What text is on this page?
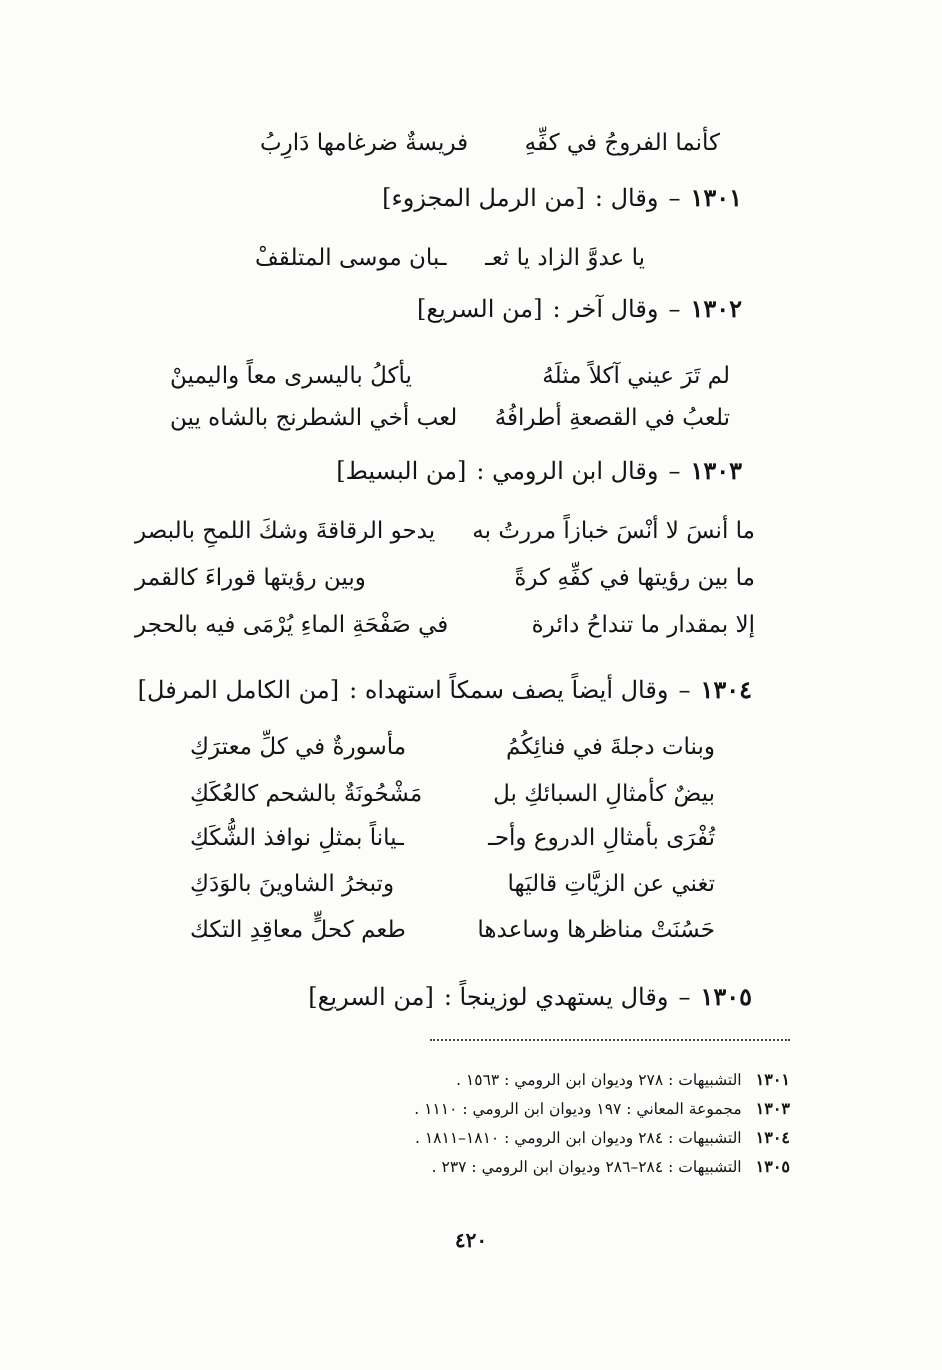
كأنما الفروجُ في كفِّهِ
فريسةٌ ضرغامها دَارِبُ
١٣٠١–وقال :[من الرمل المجزوء]
يا عدوَّ الزاد يا ثعـ
ـبان موسى المتلقفْ
١٣٠٢–وقال آخر :[من السريع]
لم تَرَ عيني آكلاً مثلَهُ
يأكلُ باليسرى معاً واليمينْ
تلعبُ في القصعةِ أطرافُهُ
لعب أخي الشطرنج بالشاه يين
١٣٠٣–وقال ابن الرومي :[من البسيط]
ما أنسَ لا أنْسَ خبازاً مررتُ به
يدحو الرقاقةَ وشكَ اللمحِ بالبصر
ما بين رؤيتها في كفِّهِ كرةً
وبين رؤيتها قوراءَ كالقمر
إلا بمقدار ما تنداحُ دائرة
في صَفْحَةِ الماءِ يُرْمَى فيه بالحجر
١٣٠٤–وقال أيضاً يصف سمكاً استهداه :[من الكامل المرفل]
وبنات دجلةَ في فنائِكُمُ
مأسورةٌ في كلِّ معترَكِ
بيضٌ كأمثالِ السبائكِ بل
مَشْحُونَةٌ بالشحم كالعُكَكِ
تُفْرَى بأمثالِ الدروع وأحـ
ـياناً بمثلِ نوافذ الشُّكَكِ
تغني عن الزيَّاتِ قاليَها
وتبخرُ الشاوينَ بالوَدَكِ
حَسُنَتْ مناظرها وساعدها
طعم كحلٍّ معاقِدِ التكك
١٣٠٥–وقال يستهدي لوزينجاً :[من السريع]
١٣٠١التشبيهات : ٢٧٨ وديوان ابن الرومي : ١٥٦٣ .
١٣٠٣مجموعة المعاني : ١٩٧ وديوان ابن الرومي : ١١١٠ .
١٣٠٤التشبيهات : ٢٨٤ وديوان ابن الرومي : ١٨١٠–١٨١١ .
١٣٠٥التشبيهات : ٢٨٤–٢٨٦ وديوان ابن الرومي : ٢٣٧ .
٤٢٠
